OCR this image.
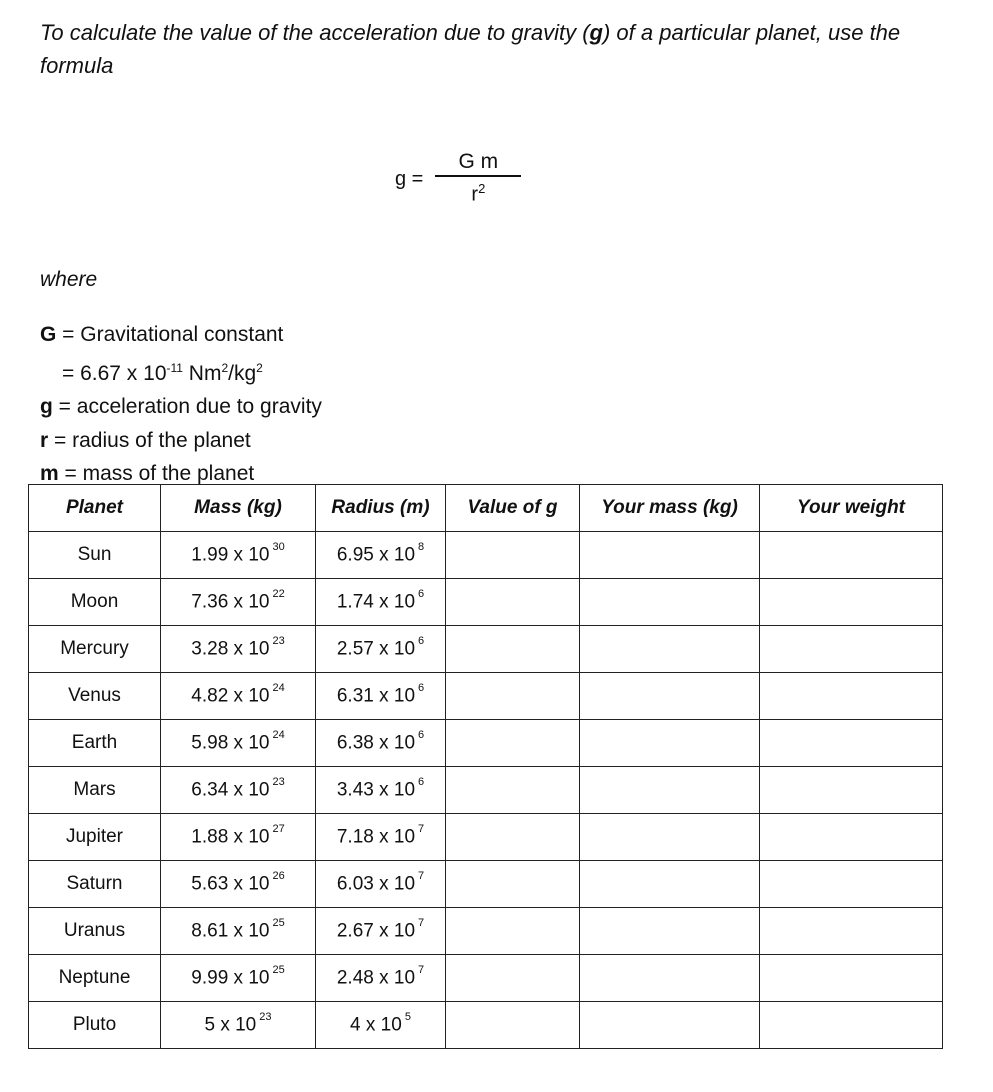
To calculate the value of the acceleration due to gravity (g) of a particular planet, use the formula

$g = \frac{\text{G m}}{r^2}$
where
G = Gravitational constant
= 6.67 x $10^{-11}$ $Nm^2/kg^2$
g = acceleration due to gravity
r = radius of the planet
m = mass of the planet
Planet	Mass (kg)	Radius (m)	Value of g	Your mass (kg)	Your weight
Sun	1.99 x 10 $^{30}$	6.95 x 10 $^8$			
Moon	7.36 x 10 $^{22}$	1.74 x 10 $^6$			
Mercury	3.28 x 10 $^{23}$	2.57 x 10 $^6$			
Venus	4.82 x 10 $^{24}$	6.31 x 10 $^6$			
Earth	5.98 x 10 $^{24}$	6.38 x 10 $^6$			
Mars	6.34 x 10 $^{23}$	3.43 x 10 $^6$			
Jupiter	1.88 x 10 $^{27}$	7.18 x 10 $^7$			
Saturn	5.63 x 10 $^{26}$	6.03 x 10 $^7$			
Uranus	8.61 x 10 $^{25}$	2.67 x 10 $^7$			
Neptune	9.99 x 10 $^{25}$	2.48 x 10 $^7$			
Pluto	5 x 10 $^{23}$	4 x 10 $^5$			
